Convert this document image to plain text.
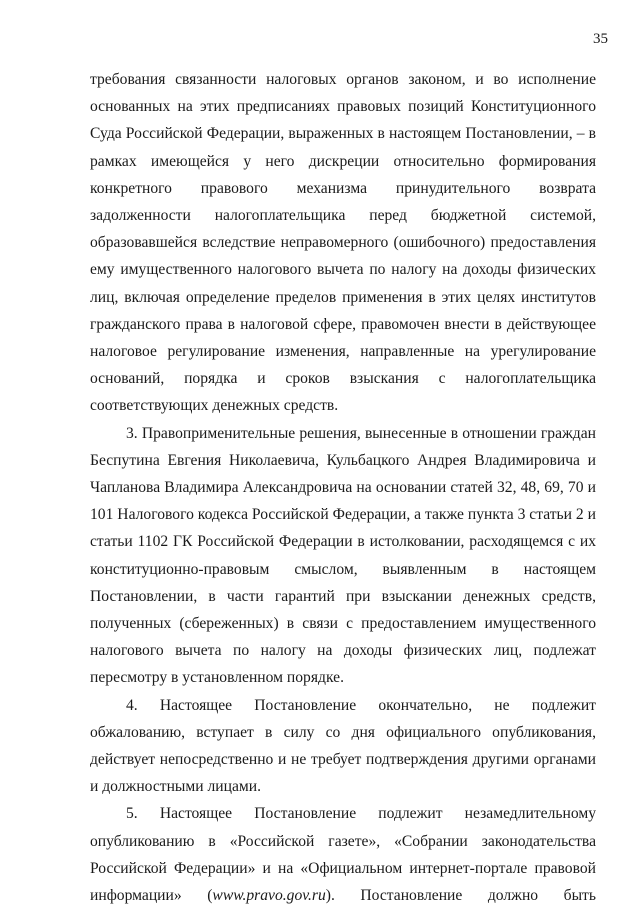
35

требования связанности налоговых органов законом, и во исполнение основанных на этих предписаниях правовых позиций Конституционного Суда Российской Федерации, выраженных в настоящем Постановлении, – в рамках имеющейся у него дискреции относительно формирования конкретного правового механизма принудительного возврата задолженности налогоплательщика перед бюджетной системой, образовавшейся вследствие неправомерного (ошибочного) предоставления ему имущественного налогового вычета по налогу на доходы физических лиц, включая определение пределов применения в этих целях институтов гражданского права в налоговой сфере, правомочен внести в действующее налоговое регулирование изменения, направленные на урегулирование оснований, порядка и сроков взыскания с налогоплательщика соответствующих денежных средств.

3. Правоприменительные решения, вынесенные в отношении граждан Беспутина Евгения Николаевича, Кульбацкого Андрея Владимировича и Чапланова Владимира Александровича на основании статей 32, 48, 69, 70 и 101 Налогового кодекса Российской Федерации, а также пункта 3 статьи 2 и статьи 1102 ГК Российской Федерации в истолковании, расходящемся с их конституционно-правовым смыслом, выявленным в настоящем Постановлении, в части гарантий при взыскании денежных средств, полученных (сбереженных) в связи с предоставлением имущественного налогового вычета по налогу на доходы физических лиц, подлежат пересмотру в установленном порядке.

4. Настоящее Постановление окончательно, не подлежит обжалованию, вступает в силу со дня официального опубликования, действует непосредственно и не требует подтверждения другими органами и должностными лицами.

5. Настоящее Постановление подлежит незамедлительному опубликованию в «Российской газете», «Собрании законодательства Российской Федерации» и на «Официальном интернет-портале правовой информации» (www.pravo.gov.ru). Постановление должно быть
